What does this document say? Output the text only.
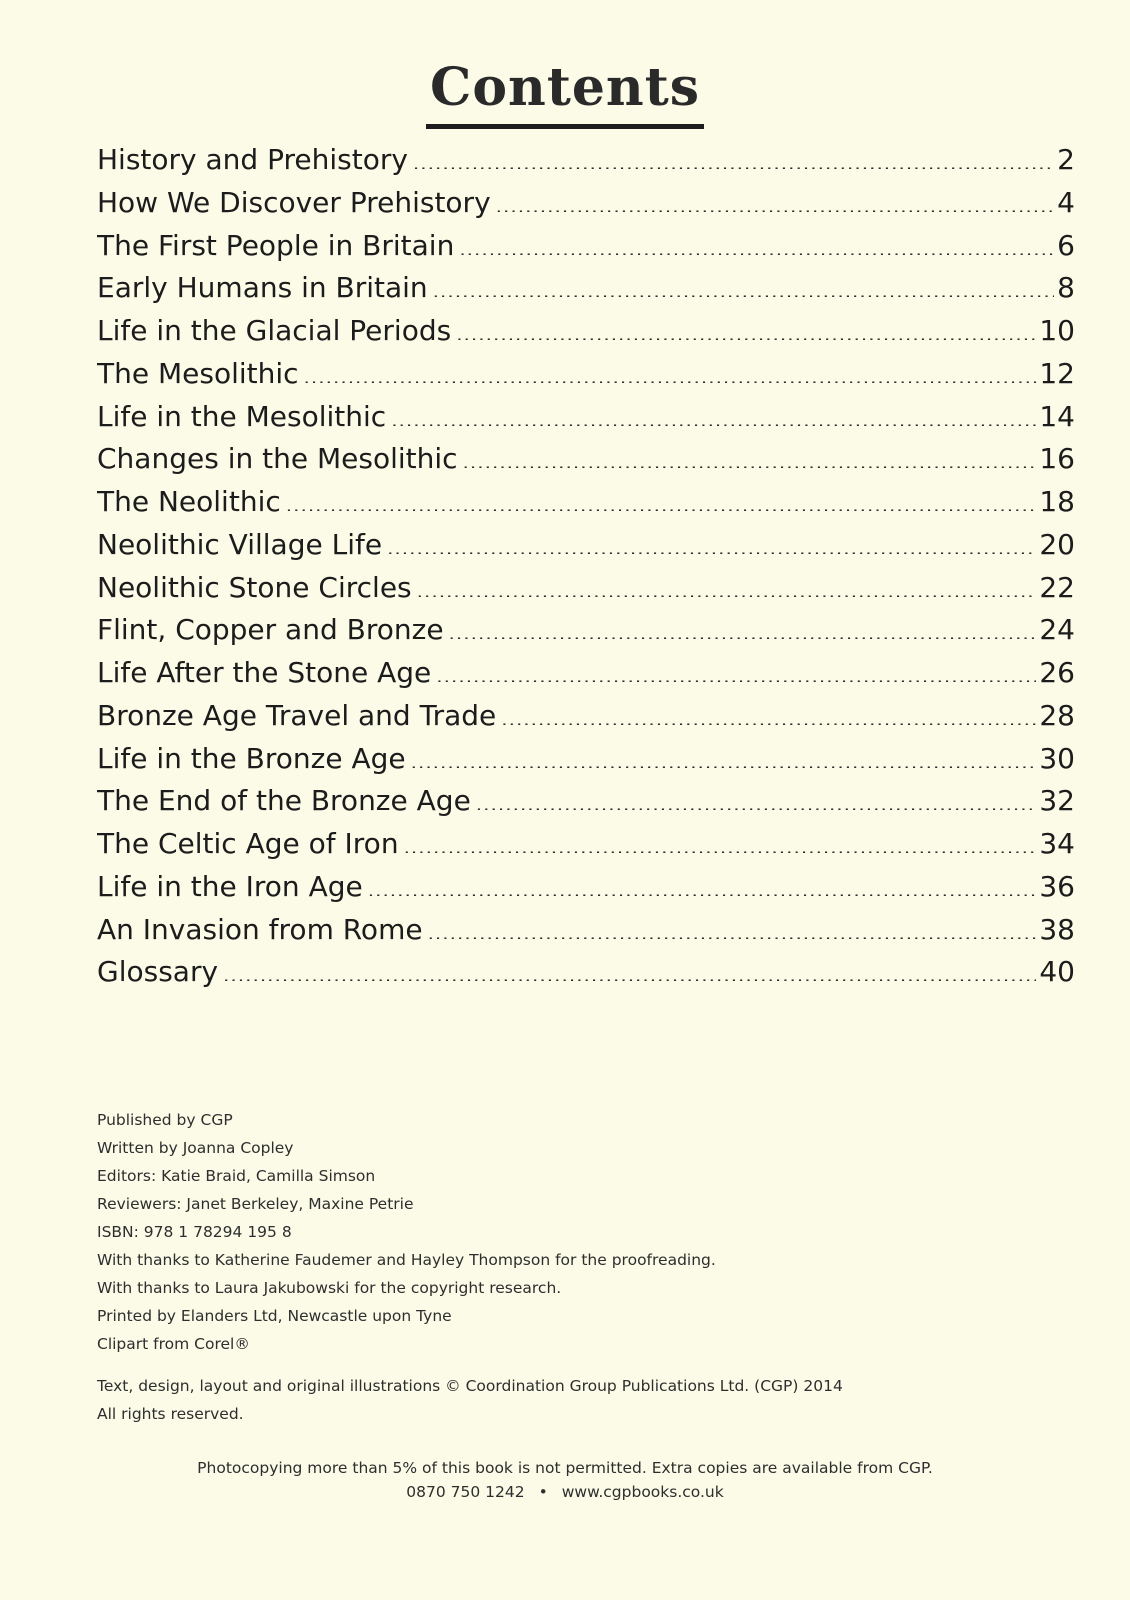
Contents
History and Prehistory .....	2
How We Discover Prehistory .....	4
The First People in Britain .....	6
Early Humans in Britain .....	8
Life in the Glacial Periods .....	10
The Mesolithic .....	12
Life in the Mesolithic .....	14
Changes in the Mesolithic .....	16
The Neolithic .....	18
Neolithic Village Life .....	20
Neolithic Stone Circles .....	22
Flint, Copper and Bronze .....	24
Life After the Stone Age .....	26
Bronze Age Travel and Trade .....	28
Life in the Bronze Age .....	30
The End of the Bronze Age .....	32
The Celtic Age of Iron .....	34
Life in the Iron Age .....	36
An Invasion from Rome .....	38
Glossary .....	40
Published by CGP
Written by Joanna Copley
Editors: Katie Braid, Camilla Simson
Reviewers: Janet Berkeley, Maxine Petrie
ISBN: 978 1 78294 195 8
With thanks to Katherine Faudemer and Hayley Thompson for the proofreading.
With thanks to Laura Jakubowski for the copyright research.
Printed by Elanders Ltd, Newcastle upon Tyne
Clipart from Corel®
Text, design, layout and original illustrations © Coordination Group Publications Ltd. (CGP) 2014
All rights reserved.
Photocopying more than 5% of this book is not permitted. Extra copies are available from CGP.
0870 750 1242 • www.cgpbooks.co.uk
